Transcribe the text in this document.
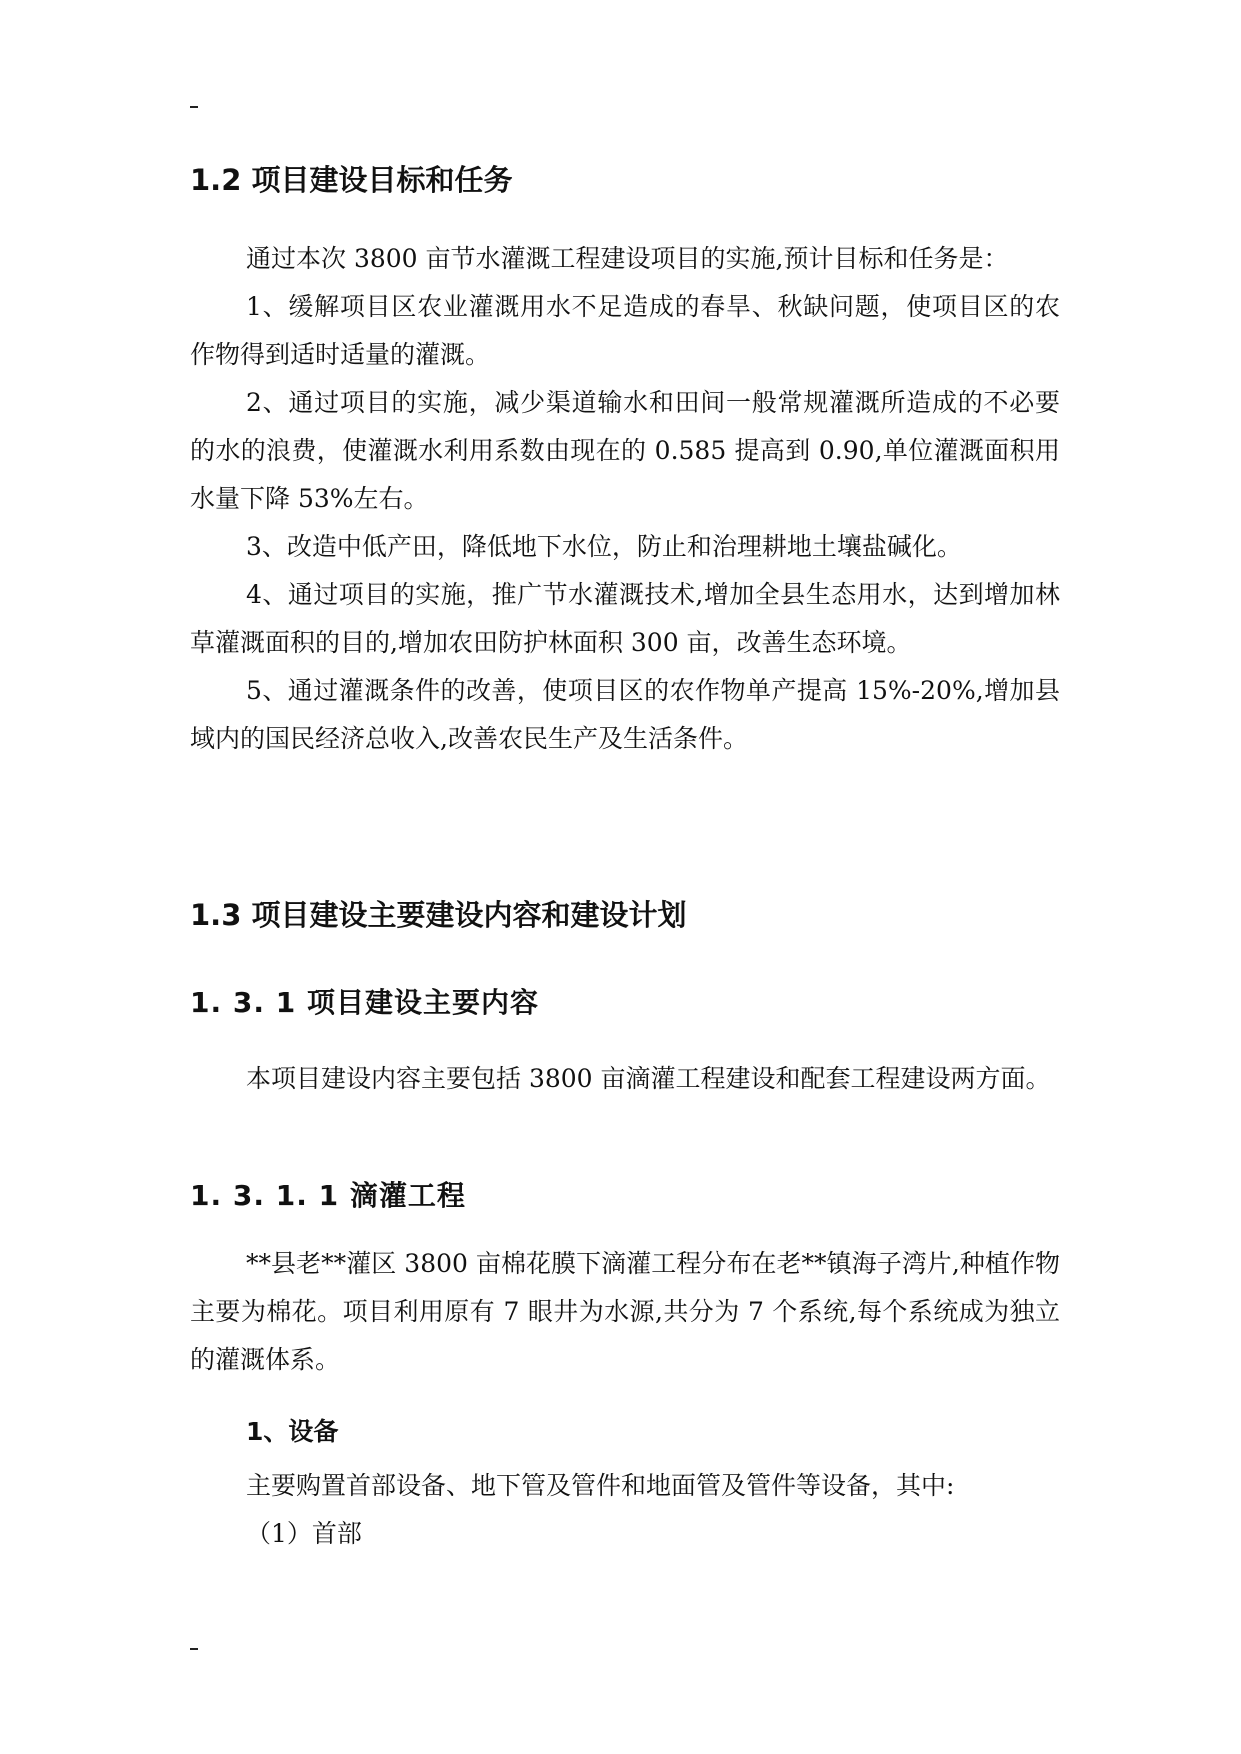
1.2 项目建设目标和任务

通过本次 3800 亩节水灌溉工程建设项目的实施,预计目标和任务是：

1、缓解项目区农业灌溉用水不足造成的春旱、秋缺问题，使项目区的农作物得到适时适量的灌溉。

2、通过项目的实施，减少渠道输水和田间一般常规灌溉所造成的不必要的水的浪费，使灌溉水利用系数由现在的 0.585 提高到 0.90,单位灌溉面积用水量下降 53%左右。

3、改造中低产田，降低地下水位，防止和治理耕地土壤盐碱化。

4、通过项目的实施，推广节水灌溉技术,增加全县生态用水，达到增加林草灌溉面积的目的,增加农田防护林面积 300 亩，改善生态环境。

5、通过灌溉条件的改善，使项目区的农作物单产提高 15%-20%,增加县域内的国民经济总收入,改善农民生产及生活条件。

1.3 项目建设主要建设内容和建设计划
1. 3. 1 项目建设主要内容

本项目建设内容主要包括 3800 亩滴灌工程建设和配套工程建设两方面。

1. 3. 1. 1 滴灌工程

**县老**灌区 3800 亩棉花膜下滴灌工程分布在老**镇海子湾片,种植作物主要为棉花。项目利用原有 7 眼井为水源,共分为 7 个系统,每个系统成为独立的灌溉体系。

1、设备

主要购置首部设备、地下管及管件和地面管及管件等设备，其中:

（1）首部
